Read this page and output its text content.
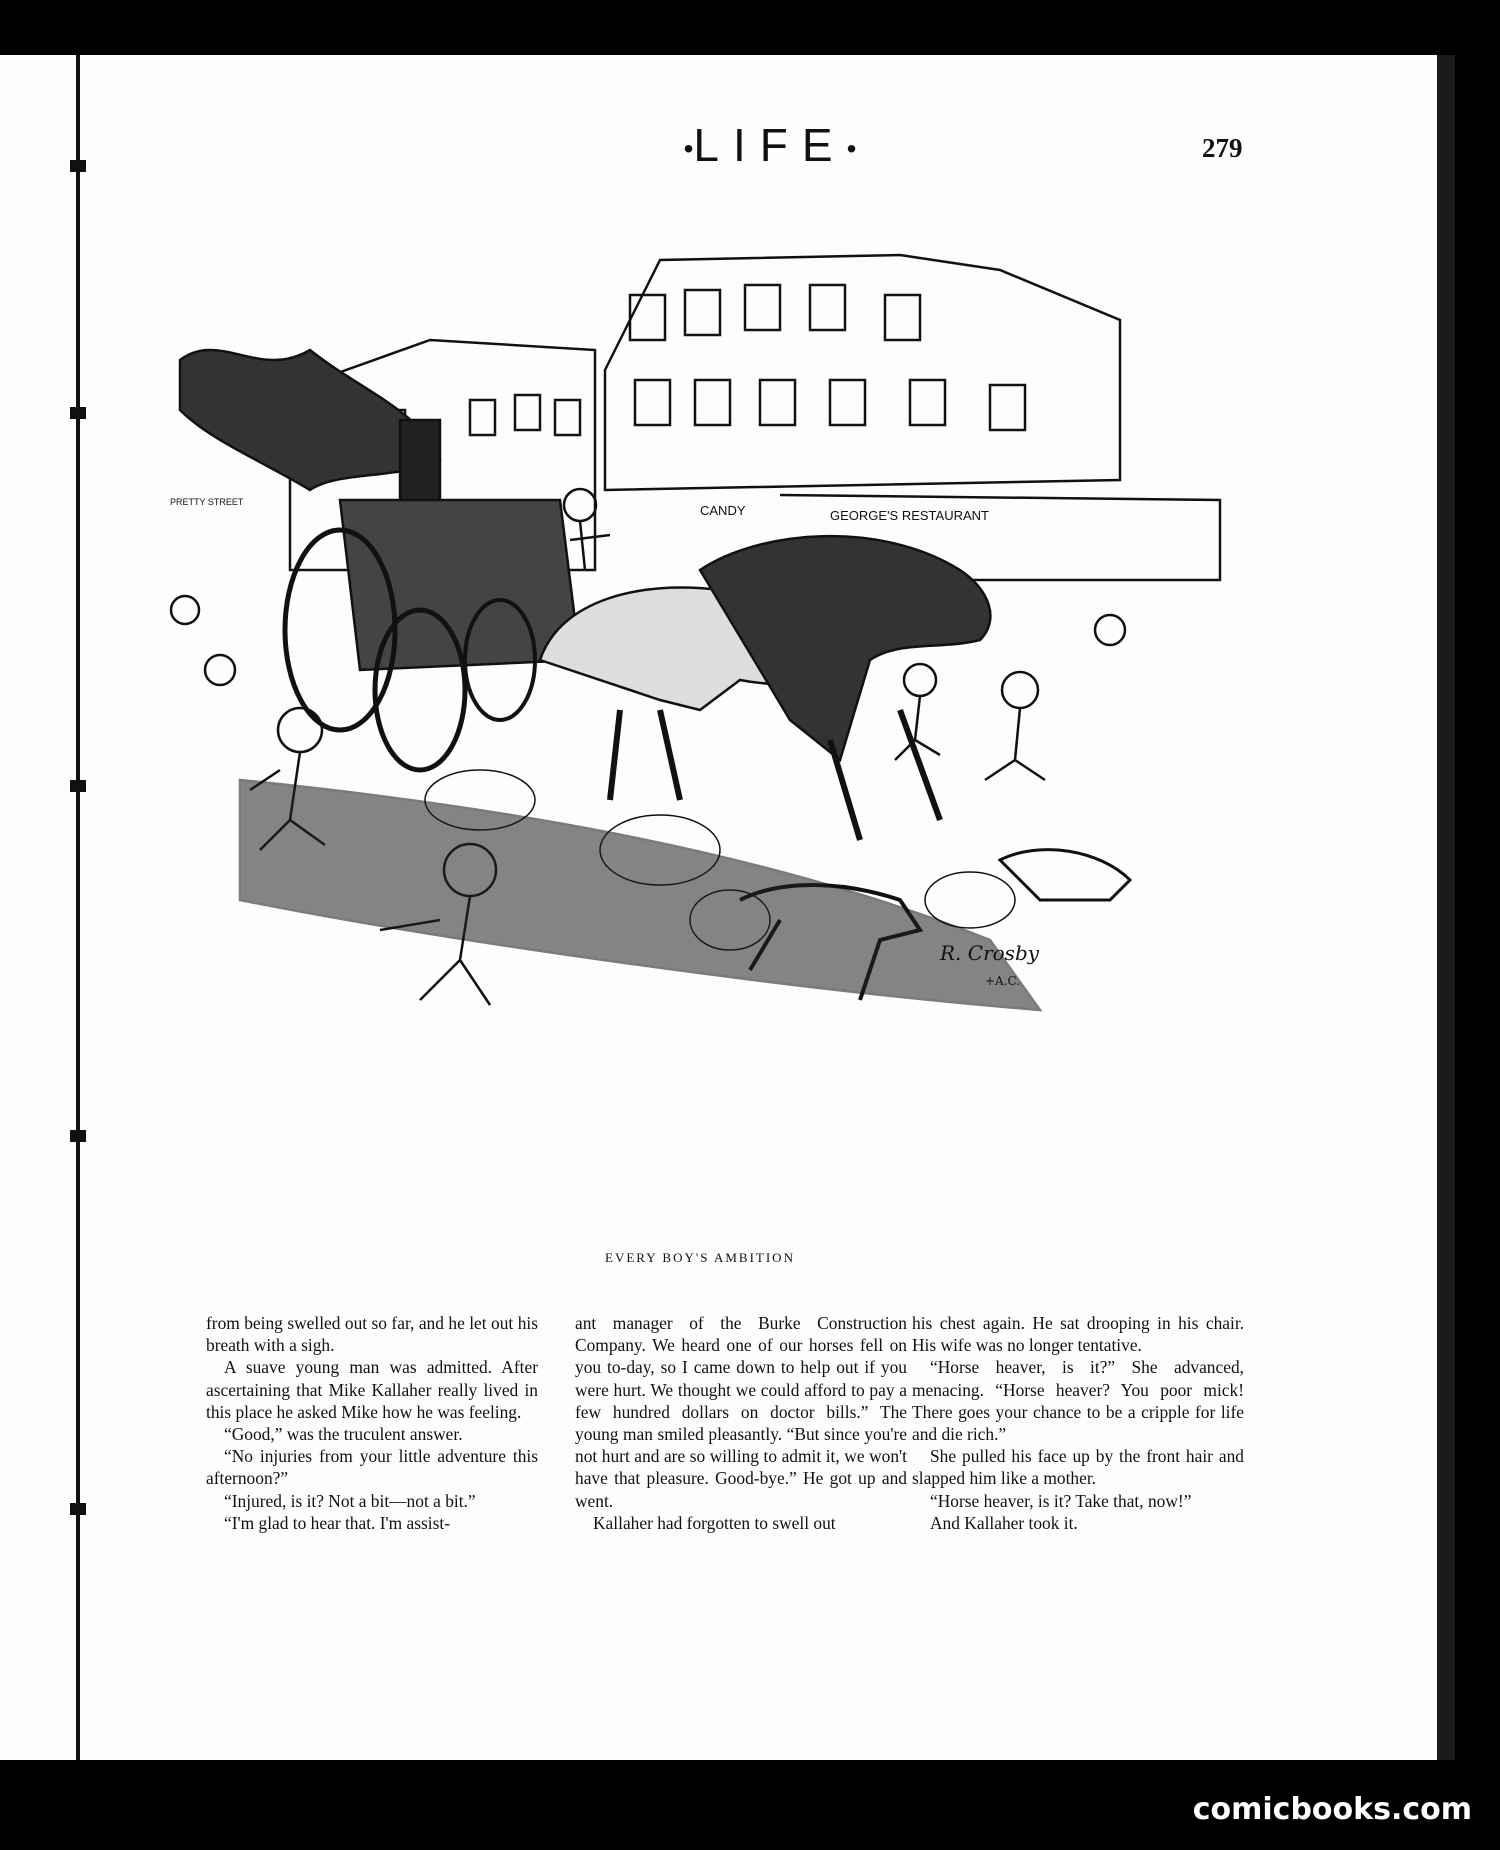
•LIFE•	279
GEORGE'S RESTAURANT
CANDY
PRETTY STREET
R. Crosby
+A.C.
EVERY BOY'S AMBITION

from being swelled out so far, and he let out his breath with a sigh.

A suave young man was admitted. After ascertaining that Mike Kallaher really lived in this place he asked Mike how he was feeling.

“Good,” was the truculent answer.

“No injuries from your little adventure this afternoon?”

“Injured, is it? Not a bit—not a bit.”

“I'm glad to hear that. I'm assist-

ant manager of the Burke Construction Company. We heard one of our horses fell on you to-day, so I came down to help out if you were hurt. We thought we could afford to pay a few hundred dollars on doctor bills.” The young man smiled pleasantly. “But since you're not hurt and are so willing to admit it, we won't have that pleasure. Good-bye.” He got up and went.

Kallaher had forgotten to swell out

his chest again. He sat drooping in his chair. His wife was no longer tentative.

“Horse heaver, is it?” She advanced, menacing. “Horse heaver? You poor mick! There goes your chance to be a cripple for life and die rich.”

She pulled his face up by the front hair and slapped him like a mother.

“Horse heaver, is it? Take that, now!”

And Kallaher took it.

comicbooks.com
